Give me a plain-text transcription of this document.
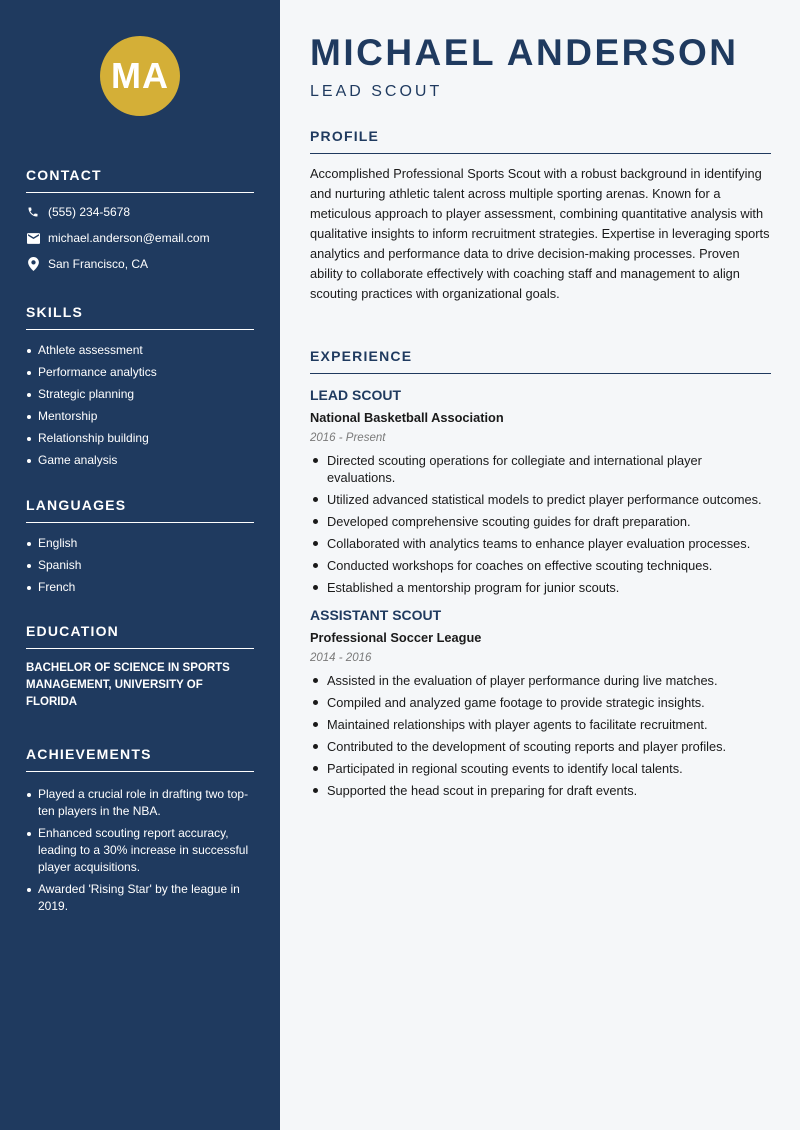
MA
CONTACT
(555) 234-5678
michael.anderson@email.com
San Francisco, CA
SKILLS
Athlete assessment
Performance analytics
Strategic planning
Mentorship
Relationship building
Game analysis
LANGUAGES
English
Spanish
French
EDUCATION
BACHELOR OF SCIENCE IN SPORTS MANAGEMENT, UNIVERSITY OF FLORIDA
ACHIEVEMENTS
Played a crucial role in drafting two top-ten players in the NBA.
Enhanced scouting report accuracy, leading to a 30% increase in successful player acquisitions.
Awarded 'Rising Star' by the league in 2019.
MICHAEL ANDERSON
LEAD SCOUT
PROFILE

Accomplished Professional Sports Scout with a robust background in identifying and nurturing athletic talent across multiple sporting arenas. Known for a meticulous approach to player assessment, combining quantitative analysis with qualitative insights to inform recruitment strategies. Expertise in leveraging sports analytics and performance data to drive decision-making processes. Proven ability to collaborate effectively with coaching staff and management to align scouting practices with organizational goals.

EXPERIENCE
LEAD SCOUT
National Basketball Association
2016 - Present
Directed scouting operations for collegiate and international player evaluations.
Utilized advanced statistical models to predict player performance outcomes.
Developed comprehensive scouting guides for draft preparation.
Collaborated with analytics teams to enhance player evaluation processes.
Conducted workshops for coaches on effective scouting techniques.
Established a mentorship program for junior scouts.
ASSISTANT SCOUT
Professional Soccer League
2014 - 2016
Assisted in the evaluation of player performance during live matches.
Compiled and analyzed game footage to provide strategic insights.
Maintained relationships with player agents to facilitate recruitment.
Contributed to the development of scouting reports and player profiles.
Participated in regional scouting events to identify local talents.
Supported the head scout in preparing for draft events.
